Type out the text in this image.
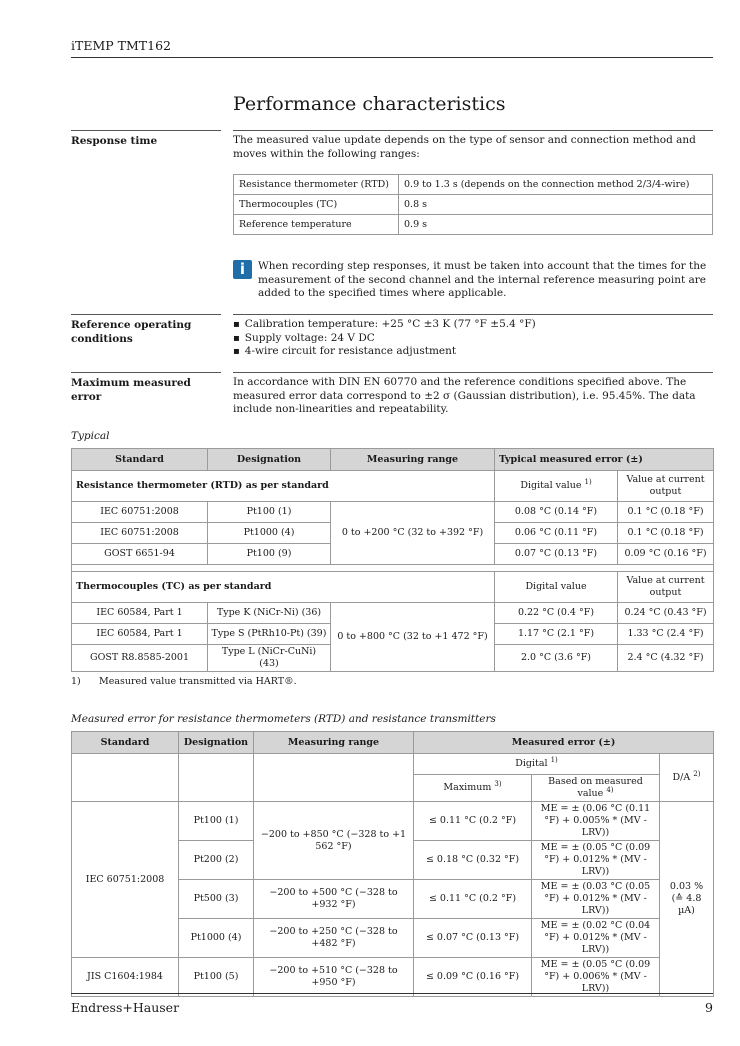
iTEMP TMT162
Performance characteristics
Response time	The measured value update depends on the type of sensor and connection method and moves within the following ranges:
Resistance thermometer (RTD)	0.9 to 1.3 s (depends on the connection method 2/3/4-wire)
Thermocouples (TC)	0.8 s
Reference temperature	0.9 s
i	When recording step responses, it must be taken into account that the times for the measurement of the second channel and the internal reference measuring point are added to the specified times where applicable.
Reference operating conditions
▪ Calibration temperature: +25 °C ±3 K (77 °F ±5.4 °F)
▪ Supply voltage: 24 V DC
▪ 4-wire circuit for resistance adjustment
Maximum measured error
In accordance with DIN EN 60770 and the reference conditions specified above. The measured error data correspond to ±2 σ (Gaussian distribution), i.e. 95.45%. The data include non-linearities and repeatability.
Typical
Standard	Designation	Measuring range	Typical measured error (±)	
Resistance thermometer (RTD) as per standard			Digital value $^{1)}$	Value at current output
IEC 60751:2008	Pt100 (1)	0 to +200 °C (32 to +392 °F)	0.08 °C (0.14 °F)	0.1 °C (0.18 °F)
IEC 60751:2008	Pt1000 (4)		0.06 °C (0.11 °F)	0.1 °C (0.18 °F)
GOST 6651-94	Pt100 (9)		0.07 °C (0.13 °F)	0.09 °C (0.16 °F)

Thermocouples (TC) as per standard			Digital value	Value at current output
IEC 60584, Part 1	Type K (NiCr-Ni) (36)	0 to +800 °C (32 to +1 472 °F)	0.22 °C (0.4 °F)	0.24 °C (0.43 °F)
IEC 60584, Part 1	Type S (PtRh10-Pt) (39)		1.17 °C (2.1 °F)	1.33 °C (2.4 °F)
GOST R8.8585-2001	Type L (NiCr-CuNi) (43)		2.0 °C (3.6 °F)	2.4 °C (4.32 °F)
1) Measured value transmitted via HART®.
Measured error for resistance thermometers (RTD) and resistance transmitters
Standard	Designation	Measuring range	Measured error (±)		
			Digital $^{1)}$		D/A $^{2)}$
			Maximum $^{3)}$	Based on measured value $^{4)}$
IEC 60751:2008	Pt100 (1)	−200 to +850 °C (−328 to +1 562 °F)	≤ 0.11 °C (0.2 °F)	ME = ± (0.06 °C (0.11 °F) + 0.005% * (MV - LRV))	0.03 % (≙ 4.8 µA)
	Pt200 (2)		≤ 0.18 °C (0.32 °F)	ME = ± (0.05 °C (0.09 °F) + 0.012% * (MV - LRV))	
	Pt500 (3)	−200 to +500 °C (−328 to +932 °F)	≤ 0.11 °C (0.2 °F)	ME = ± (0.03 °C (0.05 °F) + 0.012% * (MV - LRV))	
	Pt1000 (4)	−200 to +250 °C (−328 to +482 °F)	≤ 0.07 °C (0.13 °F)	ME = ± (0.02 °C (0.04 °F) + 0.012% * (MV - LRV))	
JIS C1604:1984	Pt100 (5)	−200 to +510 °C (−328 to +950 °F)	≤ 0.09 °C (0.16 °F)	ME = ± (0.05 °C (0.09 °F) + 0.006% * (MV - LRV))	
Endress+Hauser	9
